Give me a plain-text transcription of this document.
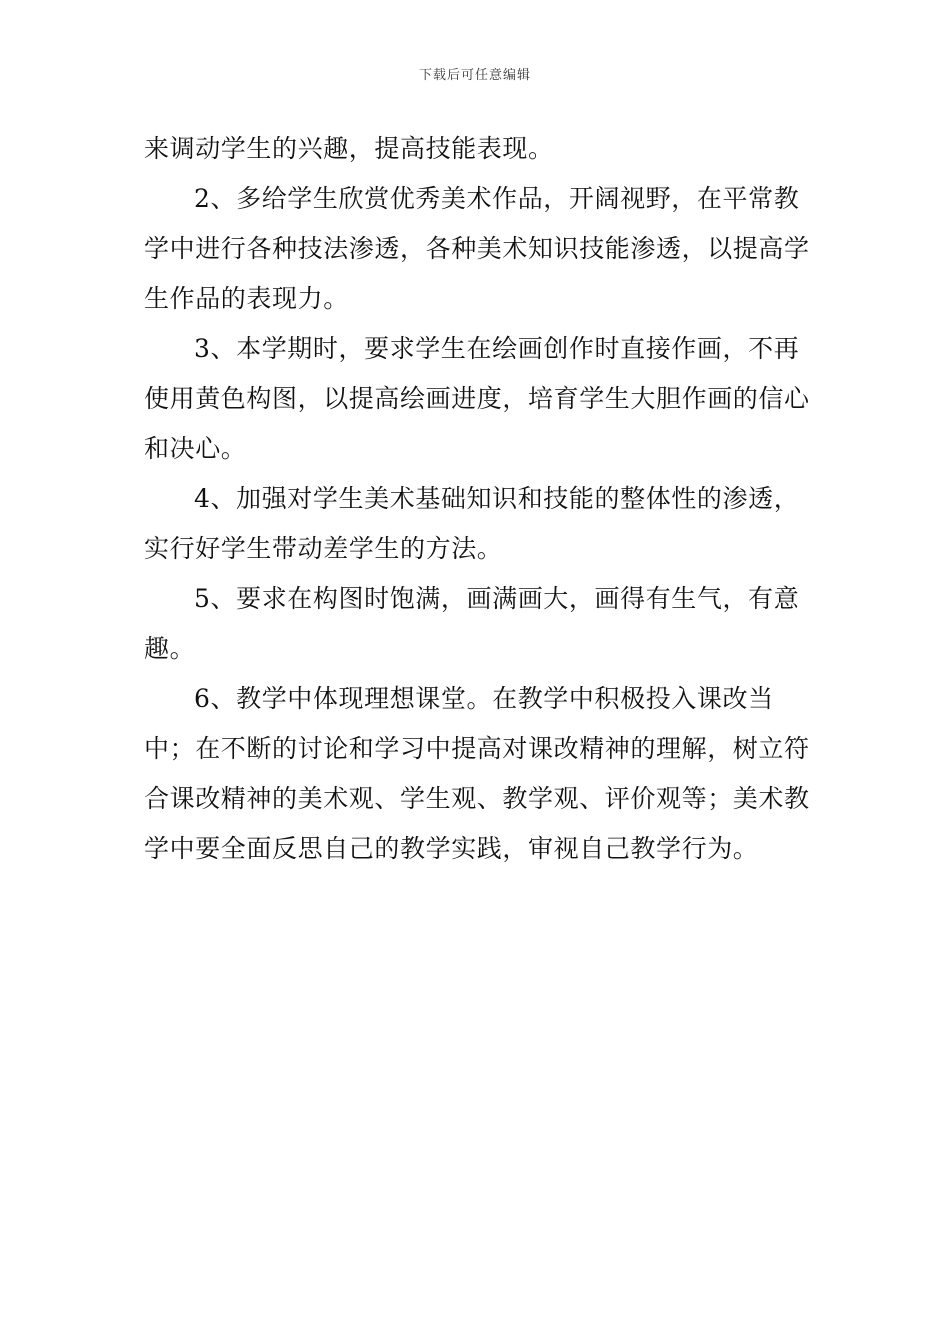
下载后可任意编辑

来调动学生的兴趣，提高技能表现。

2、多给学生欣赏优秀美术作品，开阔视野，在平常教学中进行各种技法渗透，各种美术知识技能渗透，以提高学生作品的表现力。

3、本学期时，要求学生在绘画创作时直接作画，不再使用黄色构图，以提高绘画进度，培育学生大胆作画的信心和决心。

4、加强对学生美术基础知识和技能的整体性的渗透，实行好学生带动差学生的方法。

5、要求在构图时饱满，画满画大，画得有生气，有意趣。

6、教学中体现理想课堂。在教学中积极投入课改当中；在不断的讨论和学习中提高对课改精神的理解，树立符合课改精神的美术观、学生观、教学观、评价观等；美术教学中要全面反思自己的教学实践，审视自己教学行为。
